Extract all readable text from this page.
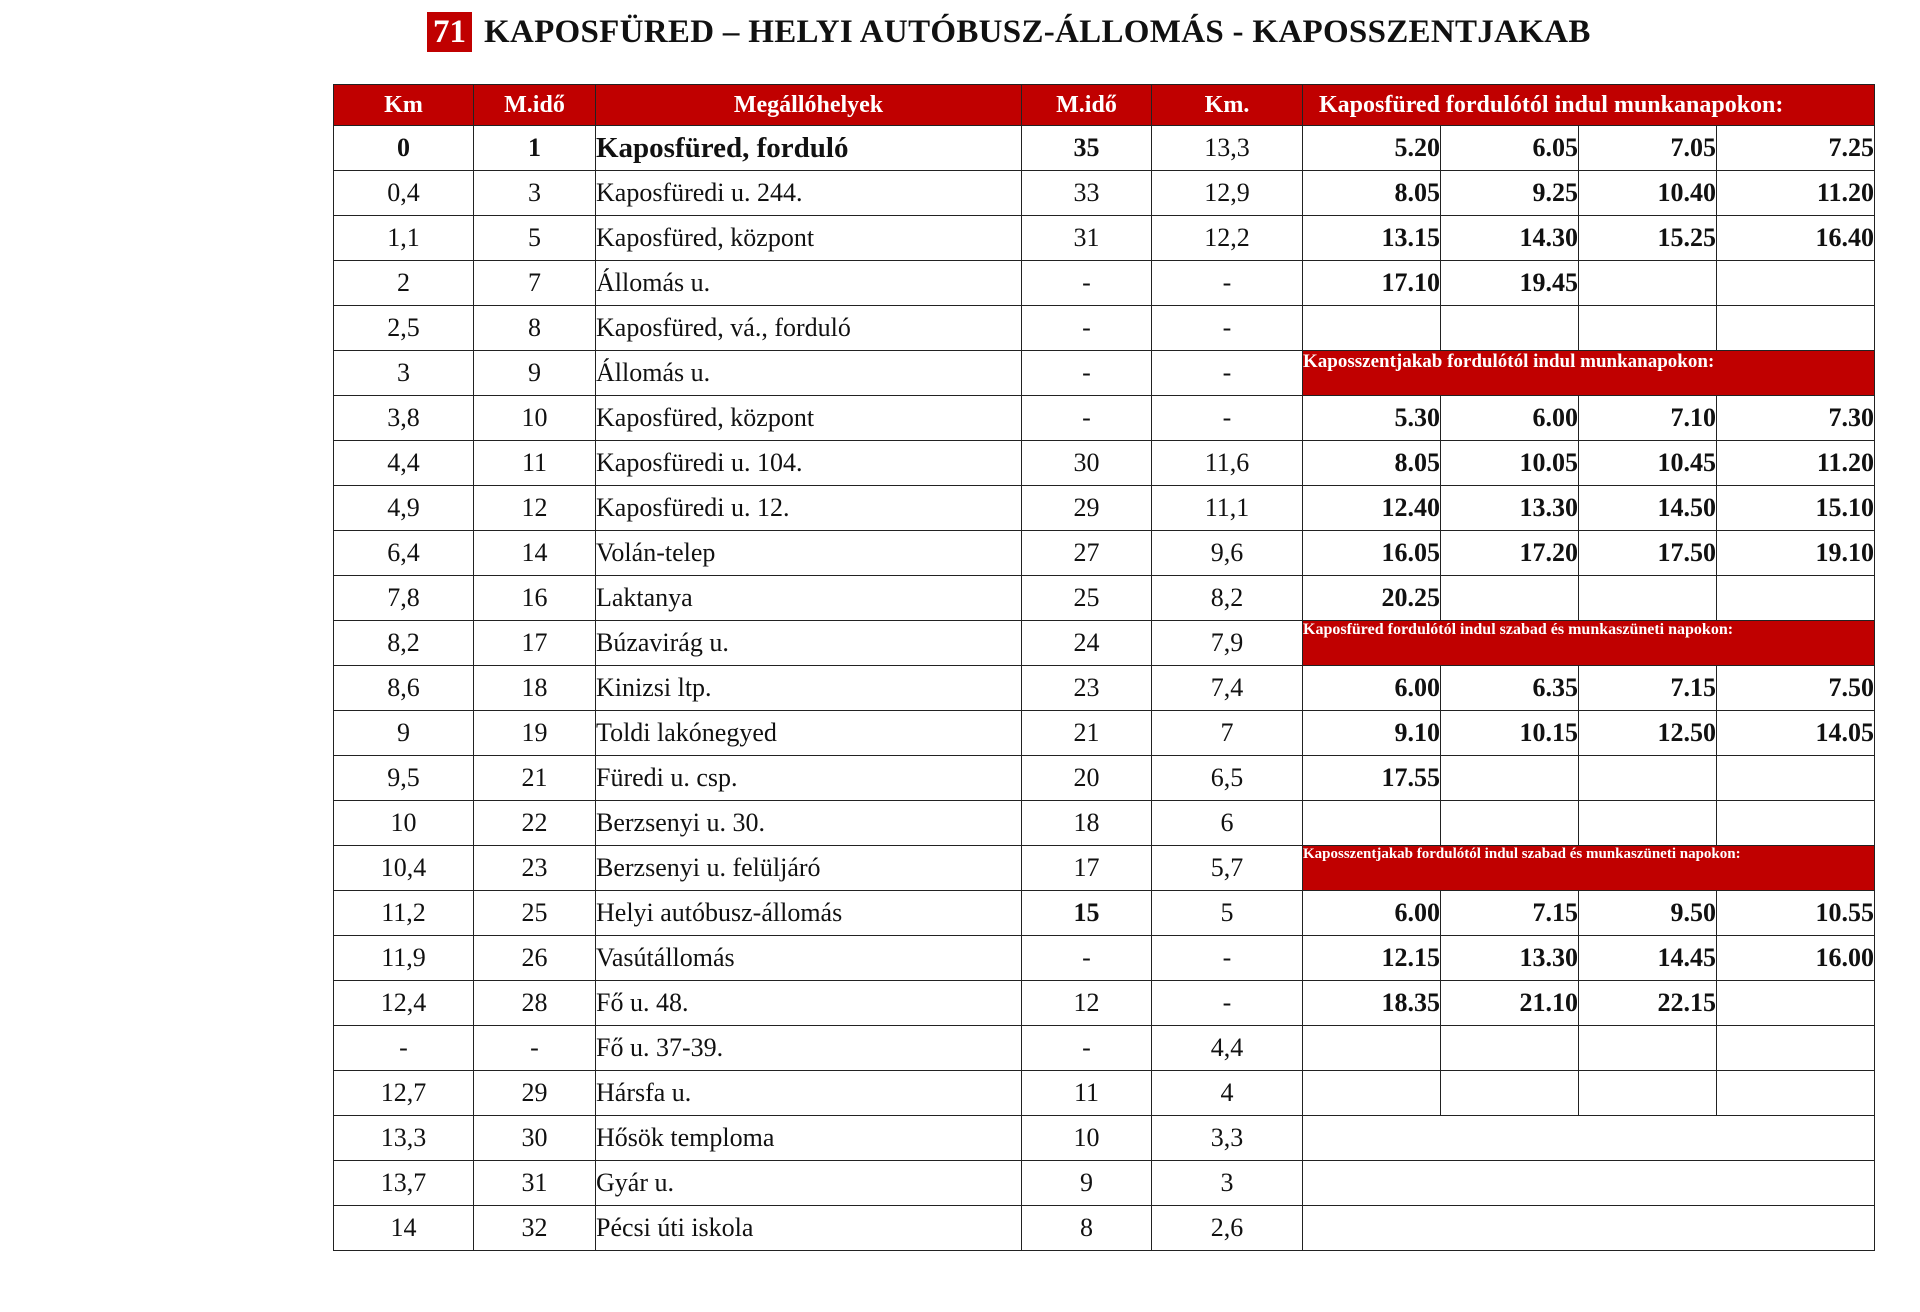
71 KAPOSFÜRED – HELYI AUTÓBUSZ-ÁLLOMÁS - KAPOSSZENTJAKAB
Km	M.idő	Megállóhelyek	M.idő	Km.	Kaposfüred fordulótól indul munkanapokon:			
0	1	Kaposfüred, forduló	35	13,3	5.20	6.05	7.05	7.25
0,4	3	Kaposfüredi u. 244.	33	12,9	8.05	9.25	10.40	11.20
1,1	5	Kaposfüred, központ	31	12,2	13.15	14.30	15.25	16.40
2	7	Állomás u.	-	-	17.10	19.45		
2,5	8	Kaposfüred, vá., forduló	-	-				
3	9	Állomás u.	-	-	Kaposszentjakab fordulótól indul munkanapokon:			
3,8	10	Kaposfüred, központ	-	-	5.30	6.00	7.10	7.30
4,4	11	Kaposfüredi u. 104.	30	11,6	8.05	10.05	10.45	11.20
4,9	12	Kaposfüredi u. 12.	29	11,1	12.40	13.30	14.50	15.10
6,4	14	Volán-telep	27	9,6	16.05	17.20	17.50	19.10
7,8	16	Laktanya	25	8,2	20.25			
8,2	17	Búzavirág u.	24	7,9	Kaposfüred fordulótól indul szabad és munkaszüneti napokon:			
8,6	18	Kinizsi ltp.	23	7,4	6.00	6.35	7.15	7.50
9	19	Toldi lakónegyed	21	7	9.10	10.15	12.50	14.05
9,5	21	Füredi u. csp.	20	6,5	17.55			
10	22	Berzsenyi u. 30.	18	6				
10,4	23	Berzsenyi u. felüljáró	17	5,7	Kaposszentjakab fordulótól indul szabad és munkaszüneti napokon:			
11,2	25	Helyi autóbusz-állomás	15	5	6.00	7.15	9.50	10.55
11,9	26	Vasútállomás	-	-	12.15	13.30	14.45	16.00
12,4	28	Fő u. 48.	12	-	18.35	21.10	22.15	
-	-	Fő u. 37-39.	-	4,4				
12,7	29	Hársfa u.	11	4				
13,3	30	Hősök temploma	10	3,3				
13,7	31	Gyár u.	9	3				
14	32	Pécsi úti iskola	8	2,6				
